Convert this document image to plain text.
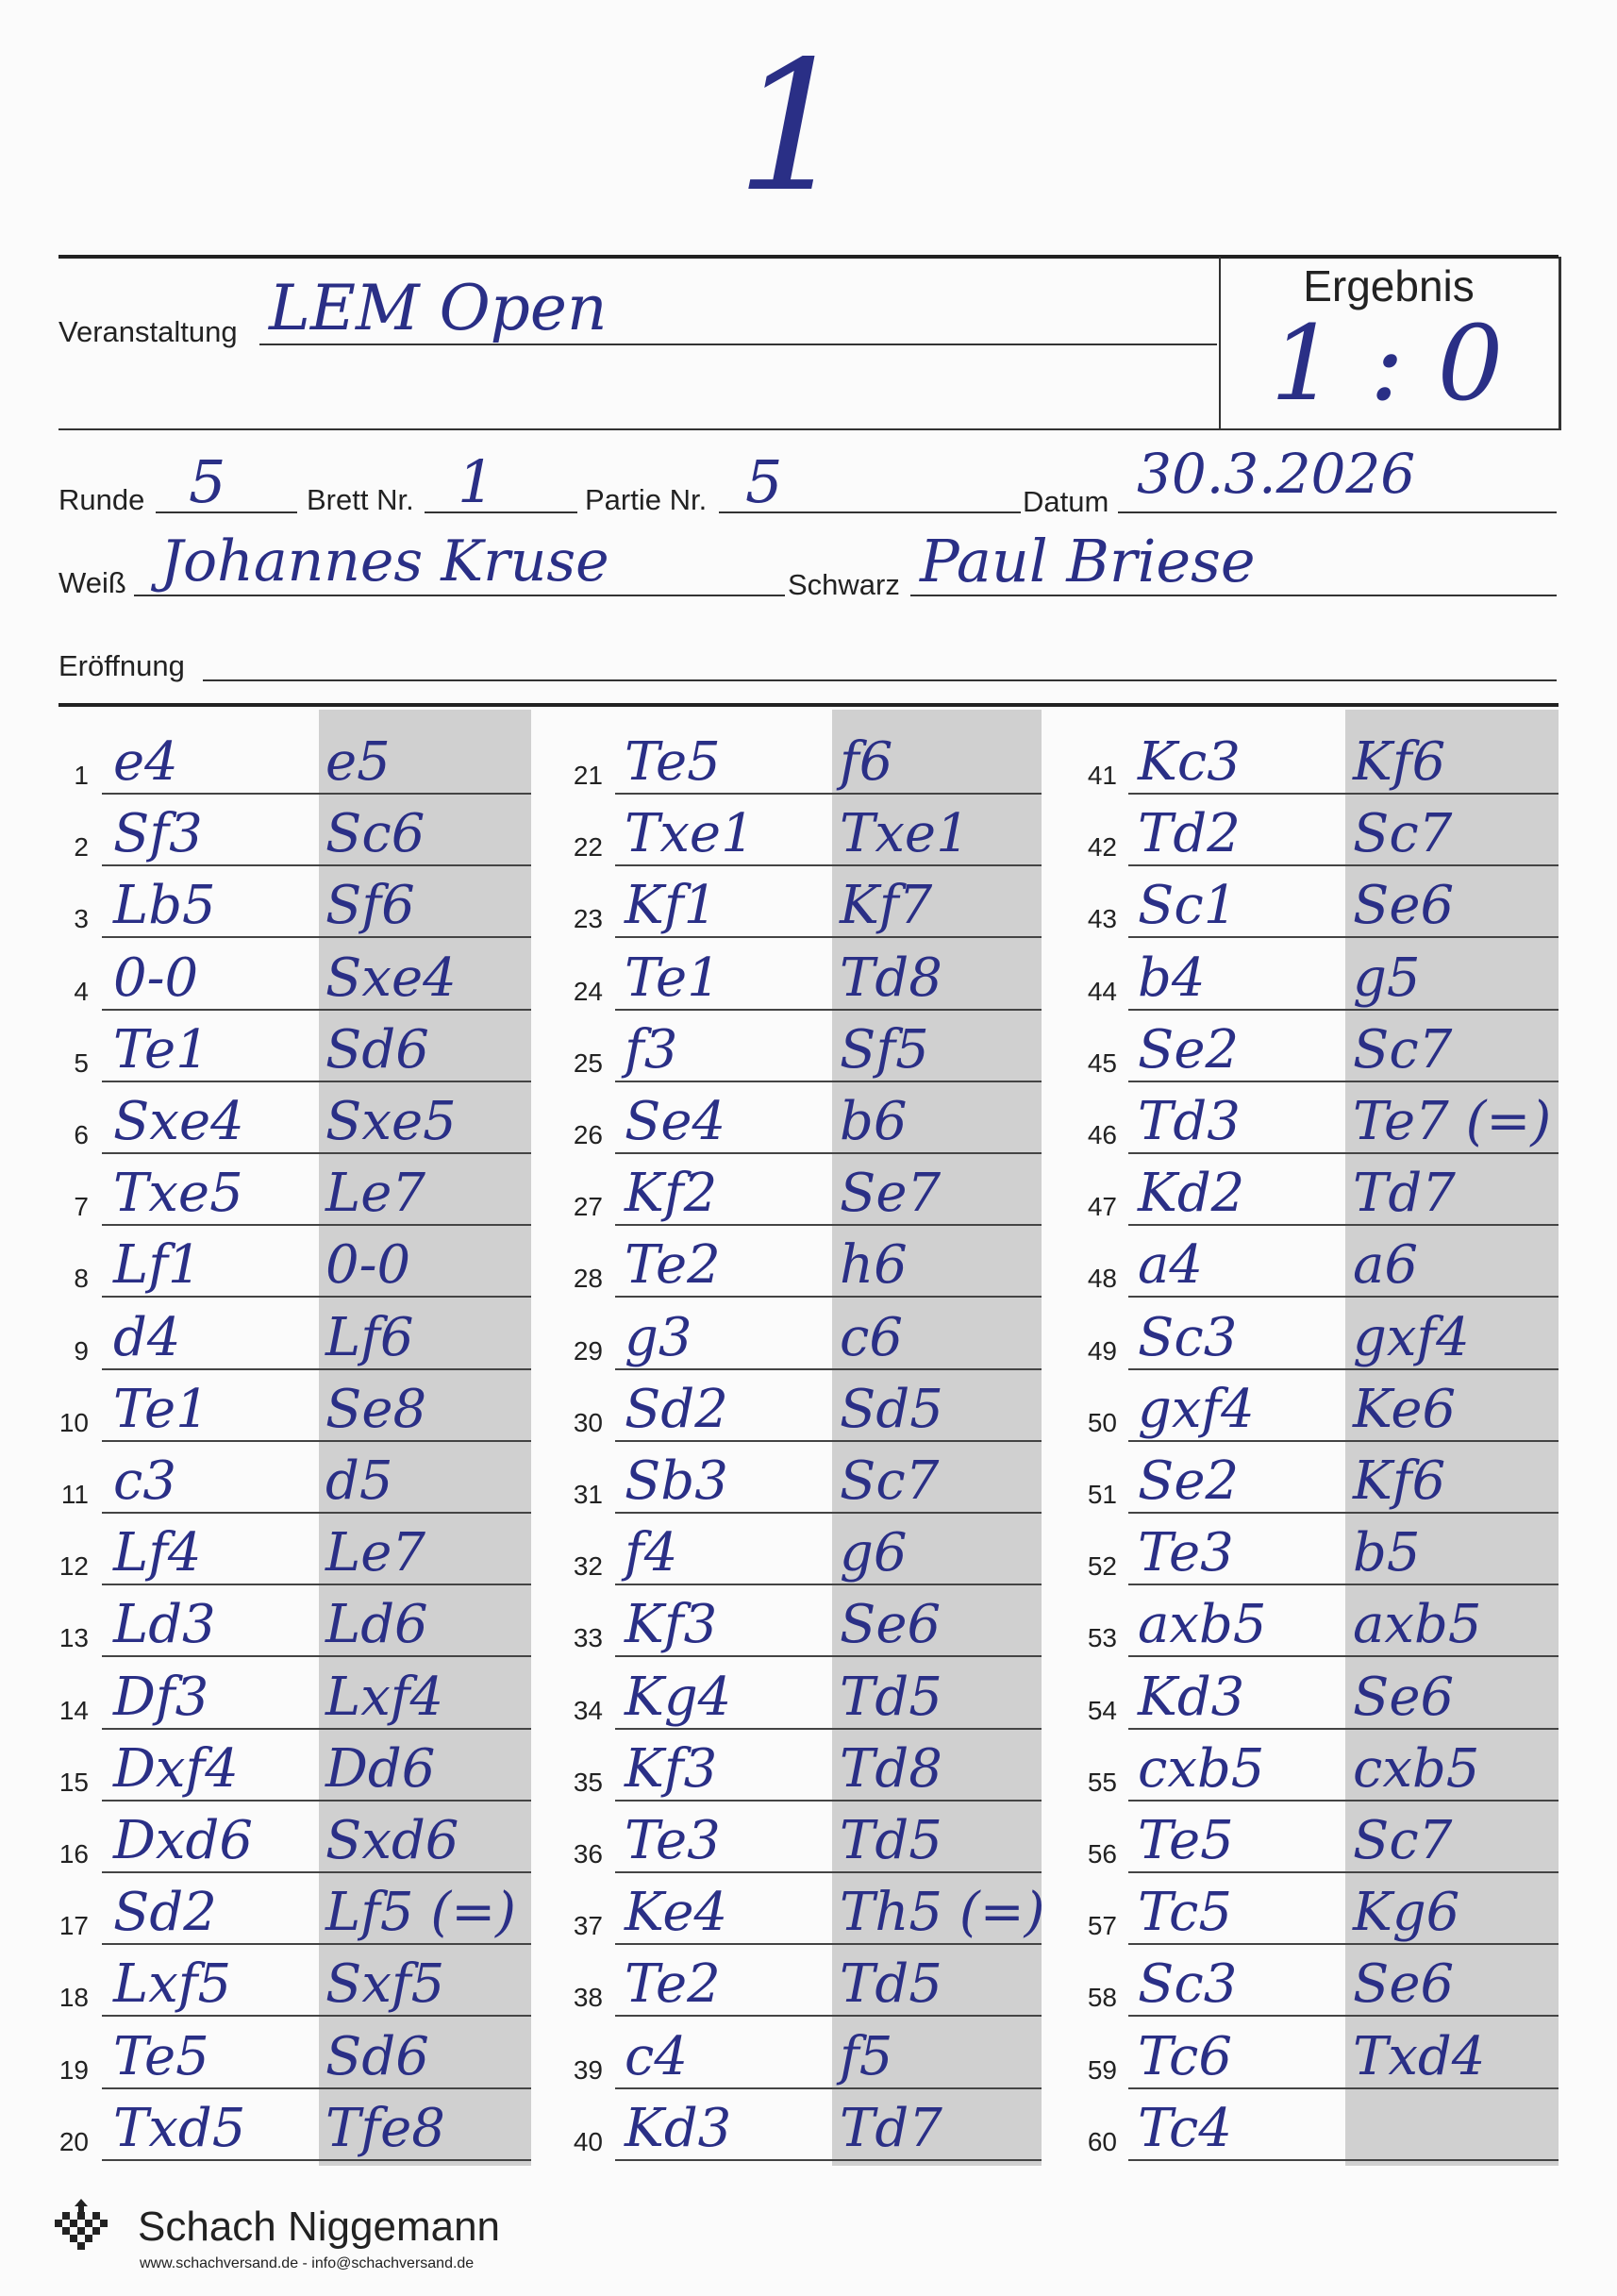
1
Ergebnis
1 : 0
Veranstaltung LEM Open
Runde 5	Brett Nr. 1	Partie Nr. 5	Datum 30.3.2026
Weiß Johannes Kruse	Schwarz Paul Briese
Eröffnung
1 e4	e5
2 Sf3 Sc6
3 Lb5 Sf6
4 0-0 Sxe4
5 Te1 Sd6
6 Sxe4 Sxe5
7 Txe5 Le7
8 Lf1 0-0
9 d4	Lf6
10 Te1 Se8
11 c3	d5
12 Lf4 Le7
13 Ld3 Ld6
14 Df3 Lxf4
15 Dxf4 Dd6
16 Dxd6 Sxd6
17 Sd2 Lf5 (=)
18 Lxf5 Sxf5
19 Te5 Sd6
20 Txd5 Tfe8
21 Te5 f6
22 Txe1 Txe1
23 Kf1 Kf7
24 Te1 Td8
25 f3	Sf5
26 Se4 b6
27 Kf2 Se7
28 Te2 h6
29 g3	c6
30 Sd2 Sd5
31 Sb3 Sc7
32 f4	g6
33 Kf3 Se6
34 Kg4 Td5
35 Kf3 Td8
36 Te3 Td5
37 Ke4 Th5 (=)
38 Te2 Td5
39 c4	f5
40 Kd3 Td7
41 Kc3 Kf6
42 Td2 Sc7
43 Sc1 Se6
44 b4	g5
45 Se2 Sc7
46 Td3 Te7 (=)
47 Kd2 Td7
48 a4	a6
49 Sc3 gxf4
50 gxf4 Ke6
51 Se2 Kf6
52 Te3 b5
53 axb5 axb5
54 Kd3 Se6
55 cxb5 cxb5
56 Te5 Sc7
57 Tc5 Kg6
58 Sc3 Se6
59 Tc6 Txd4
60 Tc4
Schach Niggemann
www.schachversand.de - info@schachversand.de
